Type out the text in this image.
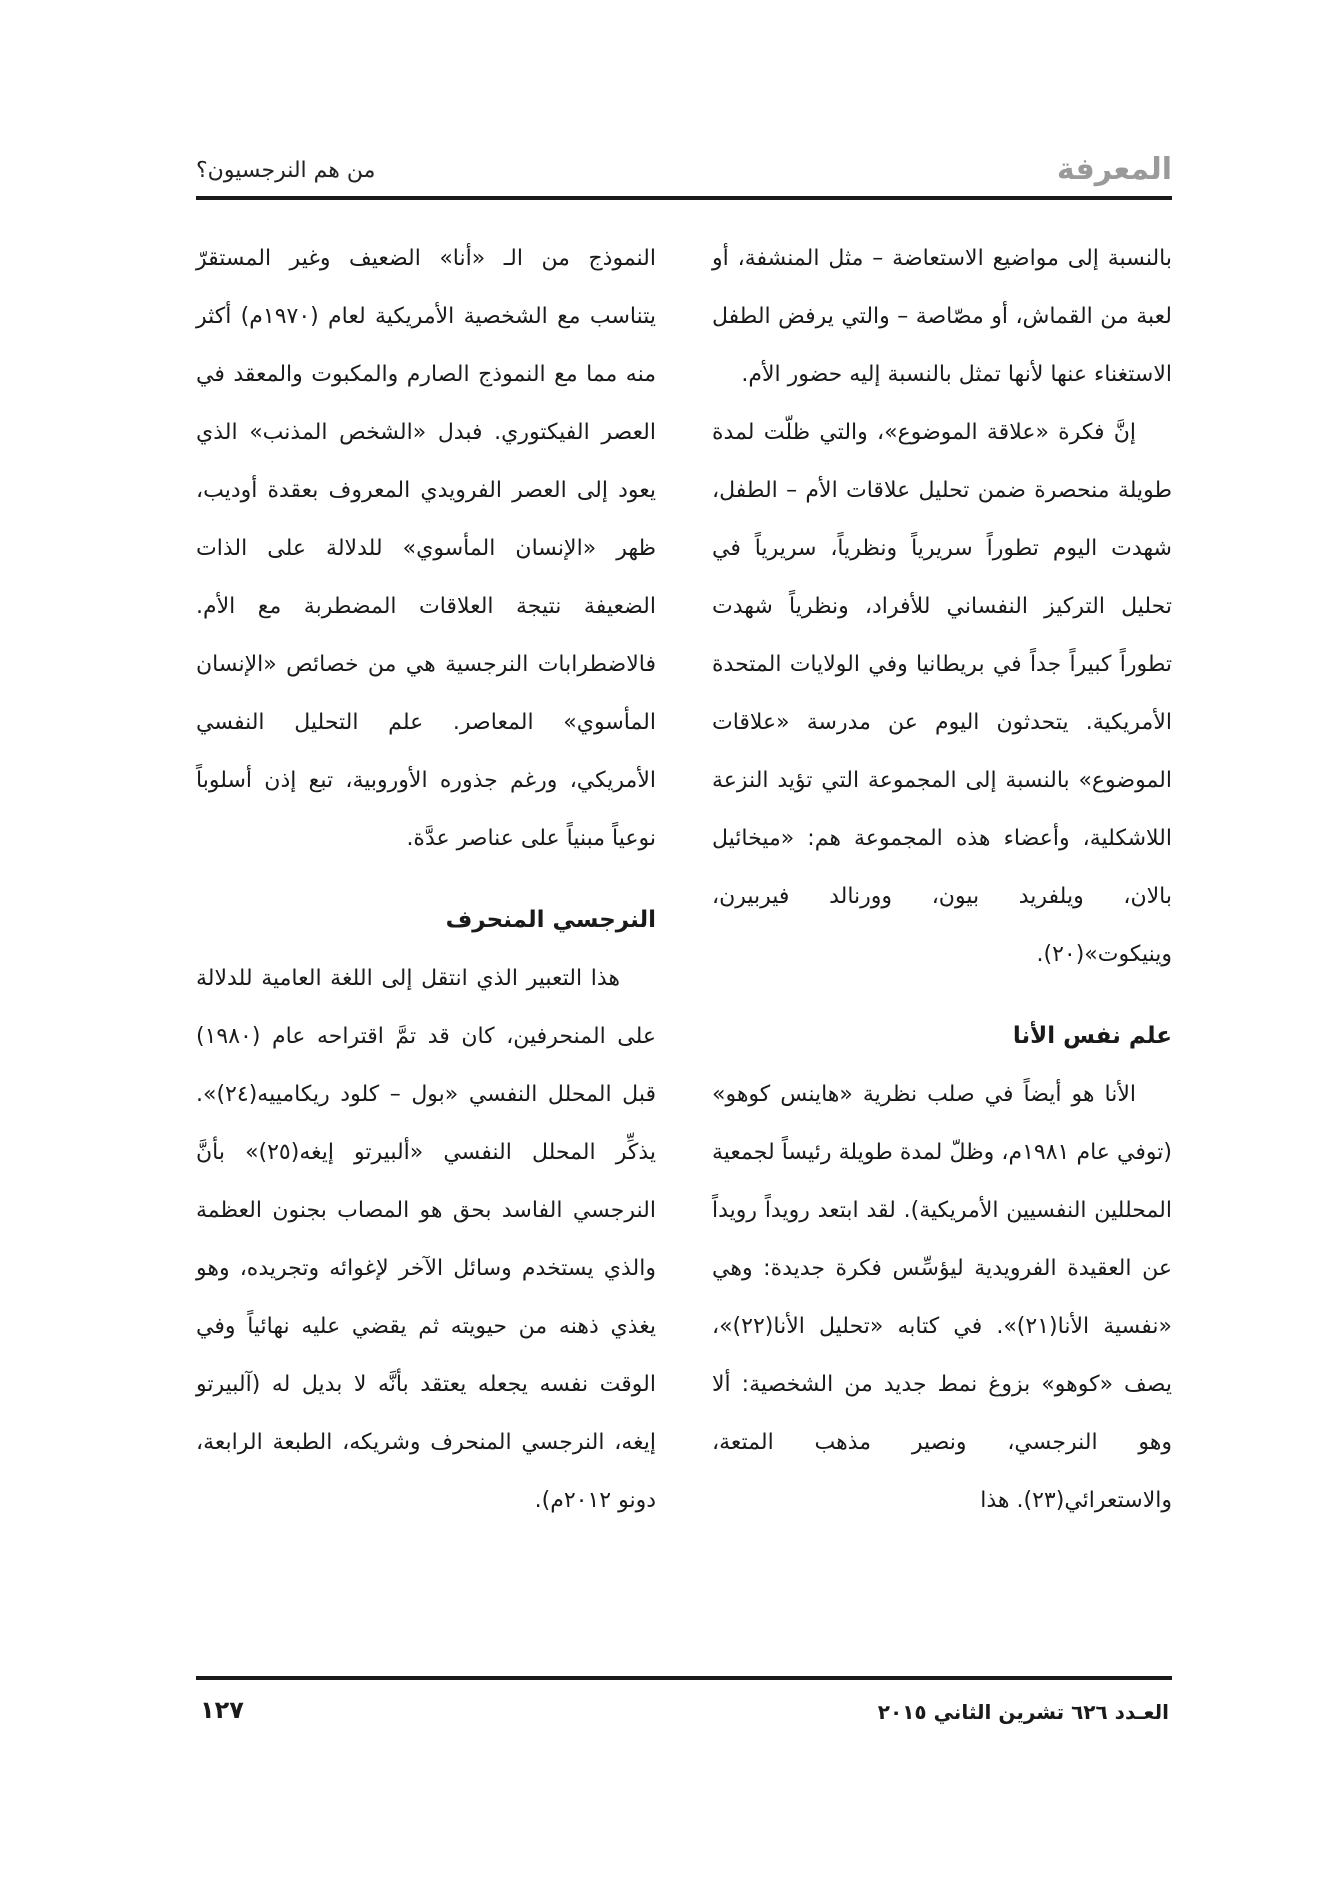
المعرفة
من هم النرجسيون؟

بالنسبة إلى مواضيع الاستعاضة – مثل المنشفة، أو لعبة من القماش، أو مصّاصة – والتي يرفض الطفل الاستغناء عنها لأنها تمثل بالنسبة إليه حضور الأم.

إنَّ فكرة «علاقة الموضوع»، والتي ظلّت لمدة طويلة منحصرة ضمن تحليل علاقات الأم – الطفل، شهدت اليوم تطوراً سريرياً ونظرياً، سريرياً في تحليل التركيز النفساني للأفراد، ونظرياً شهدت تطوراً كبيراً جداً في بريطانيا وفي الولايات المتحدة الأمريكية. يتحدثون اليوم عن مدرسة «علاقات الموضوع» بالنسبة إلى المجموعة التي تؤيد النزعة اللاشكلية، وأعضاء هذه المجموعة هم: «ميخائيل بالان، ويلفريد بيون، وورنالد فيربيرن، وينيكوت»(٢٠).

علم نفس الأنا

الأنا هو أيضاً في صلب نظرية «هاينس كوهو» (توفي عام ١٩٨١م، وظلّ لمدة طويلة رئيساً لجمعية المحللين النفسيين الأمريكية). لقد ابتعد رويداً رويداً عن العقيدة الفرويدية ليؤسِّس فكرة جديدة: وهي «نفسية الأنا(٢١)». في كتابه «تحليل الأنا(٢٢)»، يصف «كوهو» بزوغ نمط جديد من الشخصية: ألا وهو النرجسي، ونصير مذهب المتعة، والاستعرائي(٢٣). هذا

النموذج من الـ «أنا» الضعيف وغير المستقرّ يتناسب مع الشخصية الأمريكية لعام (١٩٧٠م) أكثر منه مما مع النموذج الصارم والمكبوت والمعقد في العصر الفيكتوري. فبدل «الشخص المذنب» الذي يعود إلى العصر الفرويدي المعروف بعقدة أوديب، ظهر «الإنسان المأسوي» للدلالة على الذات الضعيفة نتيجة العلاقات المضطربة مع الأم. فالاضطرابات النرجسية هي من خصائص «الإنسان المأسوي» المعاصر. علم التحليل النفسي الأمريكي، ورغم جذوره الأوروبية، تبع إذن أسلوباً نوعياً مبنياً على عناصر عدَّة.

النرجسي المنحرف

هذا التعبير الذي انتقل إلى اللغة العامية للدلالة على المنحرفين، كان قد تمَّ اقتراحه عام (١٩٨٠) قبل المحلل النفسي «بول – كلود ريكامييه(٢٤)». يذكِّر المحلل النفسي «ألبيرتو إيغه(٢٥)» بأنَّ النرجسي الفاسد بحق هو المصاب بجنون العظمة والذي يستخدم وسائل الآخر لإغوائه وتجريده، وهو يغذي ذهنه من حيويته ثم يقضي عليه نهائياً وفي الوقت نفسه يجعله يعتقد بأنَّه لا بديل له (آلبيرتو إيغه، النرجسي المنحرف وشريكه، الطبعة الرابعة، دونو ٢٠١٢م).

العـدد ٦٢٦ تشرين الثاني ٢٠١٥
١٢٧
